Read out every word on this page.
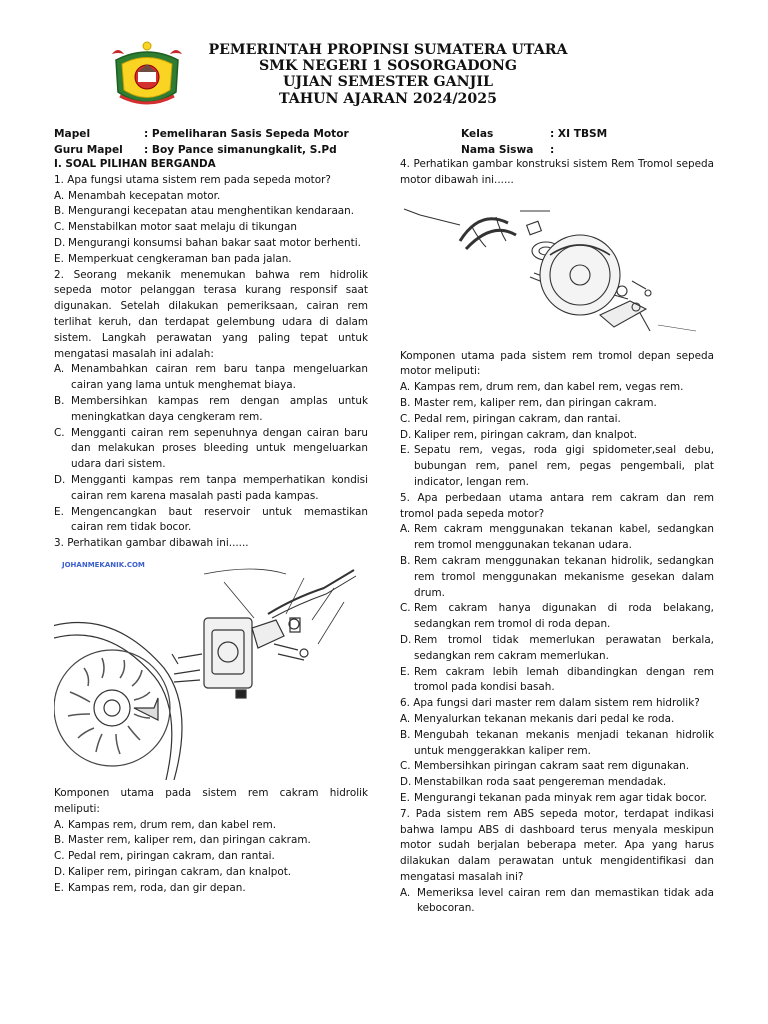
PEMERINTAH PROPINSI SUMATERA UTARA
SMK NEGERI 1 SOSORGADONG
UJIAN SEMESTER GANJIL
TAHUN AJARAN 2024/2025
Mapel	: Pemeliharan Sasis Sepeda Motor
Guru Mapel : Boy Pance simanungkalit, S.Pd
Kelas	: XI TBSM
Nama Siswa :
I. SOAL PILIHAN BERGANDA
1. Apa fungsi utama sistem rem pada sepeda motor?
A. Menambah kecepatan motor.
B. Mengurangi kecepatan atau menghentikan kendaraan.
C. Menstabilkan motor saat melaju di tikungan
D. Mengurangi konsumsi bahan bakar saat motor berhenti.
E. Memperkuat cengkeraman ban pada jalan.
2. Seorang mekanik menemukan bahwa rem hidrolik sepeda motor pelanggan terasa kurang responsif saat digunakan. Setelah dilakukan pemeriksaan, cairan rem terlihat keruh, dan terdapat gelembung udara di dalam sistem. Langkah perawatan yang paling tepat untuk mengatasi masalah ini adalah:
A. Menambahkan cairan rem baru tanpa mengeluarkan cairan yang lama untuk menghemat biaya.
B. Membersihkan kampas rem dengan amplas untuk meningkatkan daya cengkeram rem.
C. Mengganti cairan rem sepenuhnya dengan cairan baru dan melakukan proses bleeding untuk mengeluarkan udara dari sistem.
D. Mengganti kampas rem tanpa memperhatikan kondisi cairan rem karena masalah pasti pada kampas.
E. Mengencangkan baut reservoir untuk memastikan cairan rem tidak bocor.
3. Perhatikan gambar dibawah ini......
JOHANMEKANIK.COM
Komponen utama pada sistem rem cakram hidrolik meliputi:
A. Kampas rem, drum rem, dan kabel rem.
B. Master rem, kaliper rem, dan piringan cakram.
C. Pedal rem, piringan cakram, dan rantai.
D. Kaliper rem, piringan cakram, dan knalpot.
E. Kampas rem, roda, dan gir depan.
4. Perhatikan gambar konstruksi sistem Rem Tromol sepeda motor dibawah ini......
Komponen utama pada sistem rem tromol depan sepeda motor meliputi:
A. Kampas rem, drum rem, dan kabel rem, vegas rem.
B. Master rem, kaliper rem, dan piringan cakram.
C. Pedal rem, piringan cakram, dan rantai.
D. Kaliper rem, piringan cakram, dan knalpot.
E. Sepatu rem, vegas, roda gigi spidometer,seal debu, bubungan rem, panel rem, pegas pengembali, plat indicator, lengan rem.
5. Apa perbedaan utama antara rem cakram dan rem tromol pada sepeda motor?
A. Rem cakram menggunakan tekanan kabel, sedangkan rem tromol menggunakan tekanan udara.
B. Rem cakram menggunakan tekanan hidrolik, sedangkan rem tromol menggunakan mekanisme gesekan dalam drum.
C. Rem cakram hanya digunakan di roda belakang, sedangkan rem tromol di roda depan.
D. Rem tromol tidak memerlukan perawatan berkala, sedangkan rem cakram memerlukan.
E. Rem cakram lebih lemah dibandingkan dengan rem tromol pada kondisi basah.
6. Apa fungsi dari master rem dalam sistem rem hidrolik?
A. Menyalurkan tekanan mekanis dari pedal ke roda.
B. Mengubah tekanan mekanis menjadi tekanan hidrolik untuk menggerakkan kaliper rem.
C. Membersihkan piringan cakram saat rem digunakan.
D. Menstabilkan roda saat pengereman mendadak.
E. Mengurangi tekanan pada minyak rem agar tidak bocor.
7. Pada sistem rem ABS sepeda motor, terdapat indikasi bahwa lampu ABS di dashboard terus menyala meskipun motor sudah berjalan beberapa meter. Apa yang harus dilakukan dalam perawatan untuk mengidentifikasi dan mengatasi masalah ini?
A. Memeriksa level cairan rem dan memastikan tidak ada kebocoran.
